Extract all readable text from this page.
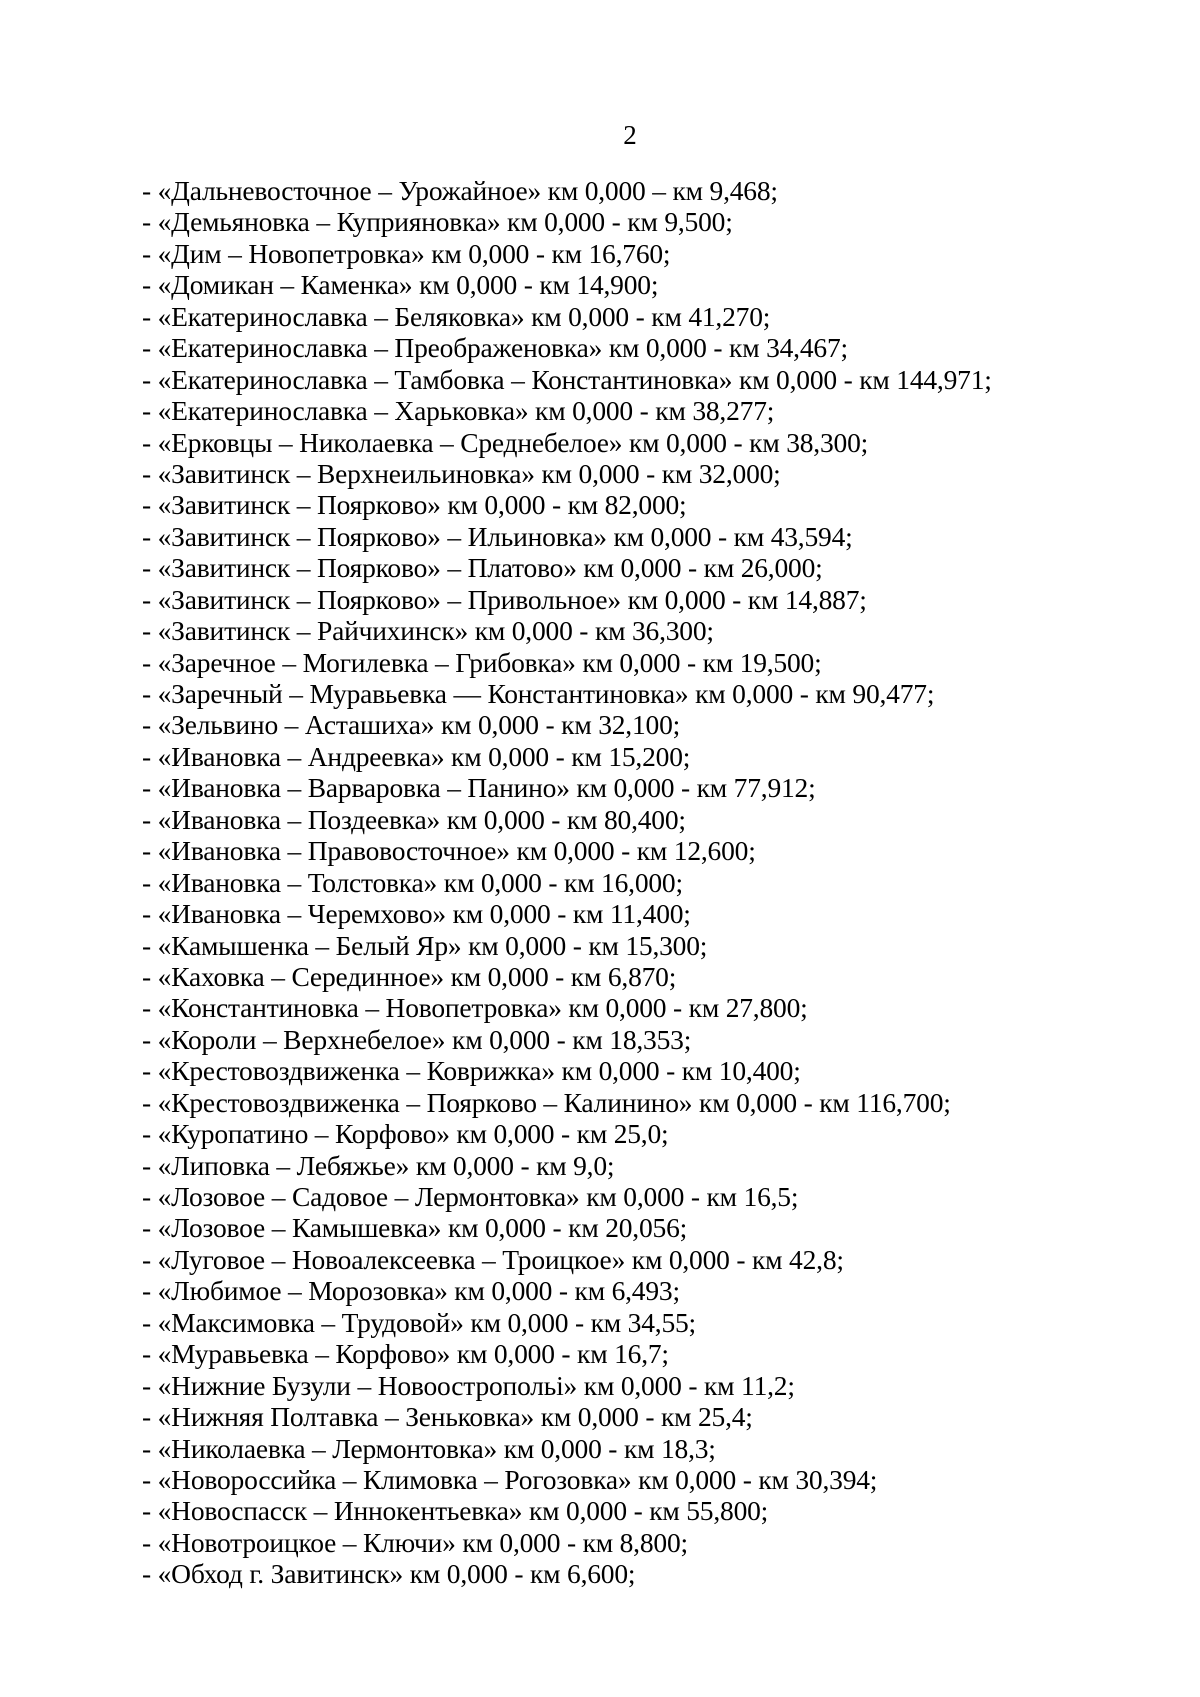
2
- «Дальневосточное – Урожайное» км 0,000 – км 9,468;
- «Демьяновка – Куприяновка» км 0,000 - км 9,500;
- «Дим – Новопетровка» км 0,000 - км 16,760;
- «Домикан – Каменка» км 0,000 - км 14,900;
- «Екатеринославка – Беляковка» км 0,000 - км 41,270;
- «Екатеринославка – Преображеновка» км 0,000 - км 34,467;
- «Екатеринославка – Тамбовка – Константиновка» км 0,000 - км 144,971;
- «Екатеринославка – Харьковка» км 0,000 - км 38,277;
- «Ерковцы – Николаевка – Среднебелое» км 0,000 - км 38,300;
- «Завитинск – Верхнеильиновка» км 0,000 - км 32,000;
- «Завитинск – Поярково» км 0,000 - км 82,000;
- «Завитинск – Поярково» – Ильиновка» км 0,000 - км 43,594;
- «Завитинск – Поярково» – Платово» км 0,000 - км 26,000;
- «Завитинск – Поярково» – Привольное» км 0,000 - км 14,887;
- «Завитинск – Райчихинск» км 0,000 - км 36,300;
- «Заречное – Могилевка – Грибовка» км 0,000 - км 19,500;
- «Заречный – Муравьевка — Константиновка» км 0,000 - км 90,477;
- «Зельвино – Асташиха» км 0,000 - км 32,100;
- «Ивановка – Андреевка» км 0,000 - км 15,200;
- «Ивановка – Варваровка – Панино» км 0,000 - км 77,912;
- «Ивановка – Поздеевка» км 0,000 - км 80,400;
- «Ивановка – Правовосточное» км 0,000 - км 12,600;
- «Ивановка – Толстовка» км 0,000 - км 16,000;
- «Ивановка – Черемхово» км 0,000 - км 11,400;
- «Камышенка – Белый Яр» км 0,000 - км 15,300;
- «Каховка – Серединное» км 0,000 - км 6,870;
- «Константиновка – Новопетровка» км 0,000 - км 27,800;
- «Короли – Верхнебелое» км 0,000 - км 18,353;
- «Крестовоздвиженка – Коврижка» км 0,000 - км 10,400;
- «Крестовоздвиженка – Поярково – Калинино» км 0,000 - км 116,700;
- «Куропатино – Корфово» км 0,000 - км 25,0;
- «Липовка – Лебяжье» км 0,000 - км 9,0;
- «Лозовое – Садовое – Лермонтовка» км 0,000 - км 16,5;
- «Лозовое – Камышевка» км 0,000 - км 20,056;
- «Луговое – Новоалексеевка – Троицкое» км 0,000 - км 42,8;
- «Любимое – Морозовка» км 0,000 - км 6,493;
- «Максимовка – Трудовой» км 0,000 - км 34,55;
- «Муравьевка – Корфово» км 0,000 - км 16,7;
- «Нижние Бузули – Новоостропольі» км 0,000 - км 11,2;
- «Нижняя Полтавка – Зеньковка» км 0,000 - км 25,4;
- «Николаевка – Лермонтовка» км 0,000 - км 18,3;
- «Новороссийка – Климовка – Рогозовка» км 0,000 - км 30,394;
- «Новоспасск – Иннокентьевка» км 0,000 - км 55,800;
- «Новотроицкое – Ключи» км 0,000 - км 8,800;
- «Обход г. Завитинск» км 0,000 - км 6,600;
